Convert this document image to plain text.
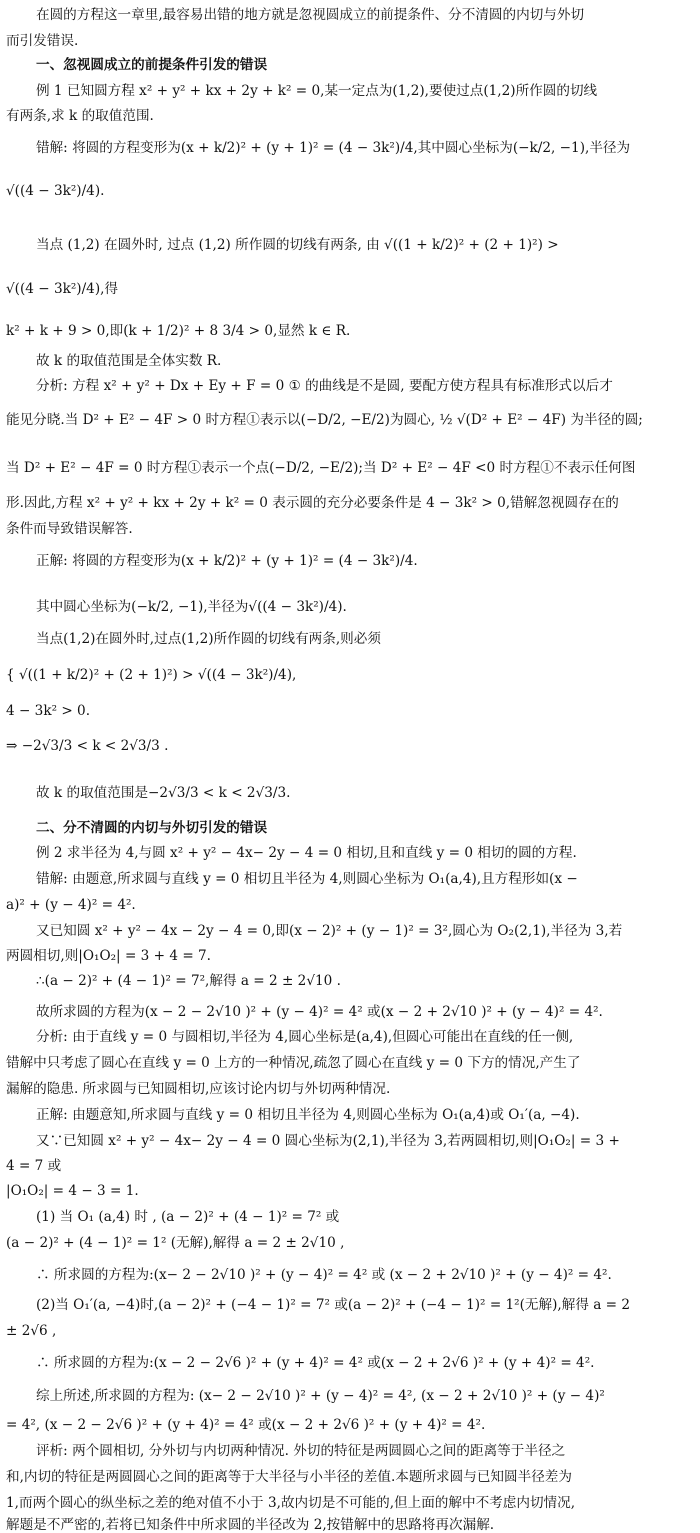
在圆的方程这一章里,最容易出错的地方就是忽视圆成立的前提条件、分不清圆的内切与外切
而引发错误.
一、忽视圆成立的前提条件引发的错误
例 1 已知圆方程 x² + y² + kx + 2y + k² = 0,某一定点为(1,2),要使过点(1,2)所作圆的切线
有两条,求 k 的取值范围.
错解: 将圆的方程变形为(x + k/2)² + (y + 1)² = (4 − 3k²)/4,其中圆心坐标为(−k/2, −1),半径为
√((4 − 3k²)/4).
当点 (1,2) 在圆外时, 过点 (1,2) 所作圆的切线有两条, 由 √((1 + k/2)² + (2 + 1)²) >
√((4 − 3k²)/4),得
k² + k + 9 > 0,即(k + 1/2)² + 8 3/4 > 0,显然 k ∈ R.
故 k 的取值范围是全体实数 R.
分析: 方程 x² + y² + Dx + Ey + F = 0 ① 的曲线是不是圆, 要配方使方程具有标准形式以后才
能见分晓.当 D² + E² − 4F > 0 时方程①表示以(−D/2, −E/2)为圆心, ½ √(D² + E² − 4F) 为半径的圆;
当 D² + E² − 4F = 0 时方程①表示一个点(−D/2, −E/2);当 D² + E² − 4F <0 时方程①不表示任何图
形.因此,方程 x² + y² + kx + 2y + k² = 0 表示圆的充分必要条件是 4 − 3k² > 0,错解忽视圆存在的
条件而导致错误解答.
正解: 将圆的方程变形为(x + k/2)² + (y + 1)² = (4 − 3k²)/4.
其中圆心坐标为(−k/2, −1),半径为√((4 − 3k²)/4).
当点(1,2)在圆外时,过点(1,2)所作圆的切线有两条,则必须
{ √((1 + k/2)² + (2 + 1)²) > √((4 − 3k²)/4),
4 − 3k² > 0.
⇒ −2√3/3 < k < 2√3/3 .
故 k 的取值范围是−2√3/3 < k < 2√3/3.
二、分不清圆的内切与外切引发的错误
例 2 求半径为 4,与圆 x² + y² − 4x− 2y − 4 = 0 相切,且和直线 y = 0 相切的圆的方程.
错解: 由题意,所求圆与直线 y = 0 相切且半径为 4,则圆心坐标为 O₁(a,4),且方程形如(x −
a)² + (y − 4)² = 4².
又已知圆 x² + y² − 4x − 2y − 4 = 0,即(x − 2)² + (y − 1)² = 3²,圆心为 O₂(2,1),半径为 3,若
两圆相切,则|O₁O₂| = 3 + 4 = 7.
∴(a − 2)² + (4 − 1)² = 7²,解得 a = 2 ± 2√10 .
故所求圆的方程为(x − 2 − 2√10 )² + (y − 4)² = 4² 或(x − 2 + 2√10 )² + (y − 4)² = 4².
分析: 由于直线 y = 0 与圆相切,半径为 4,圆心坐标是(a,4),但圆心可能出在直线的任一侧,
错解中只考虑了圆心在直线 y = 0 上方的一种情况,疏忽了圆心在直线 y = 0 下方的情况,产生了
漏解的隐患. 所求圆与已知圆相切,应该讨论内切与外切两种情况.
正解: 由题意知,所求圆与直线 y = 0 相切且半径为 4,则圆心坐标为 O₁(a,4)或 O₁′(a, −4).
又∵已知圆 x² + y² − 4x− 2y − 4 = 0 圆心坐标为(2,1),半径为 3,若两圆相切,则|O₁O₂| = 3 +
4 = 7 或
|O₁O₂| = 4 − 3 = 1.
(1) 当 O₁ (a,4) 时 , (a − 2)² + (4 − 1)² = 7² 或
(a − 2)² + (4 − 1)² = 1² (无解),解得 a = 2 ± 2√10 ,
∴ 所求圆的方程为:(x− 2 − 2√10 )² + (y − 4)² = 4² 或 (x − 2 + 2√10 )² + (y − 4)² = 4².
(2)当 O₁′(a, −4)时,(a − 2)² + (−4 − 1)² = 7² 或(a − 2)² + (−4 − 1)² = 1²(无解),解得 a = 2
± 2√6 ,
∴ 所求圆的方程为:(x − 2 − 2√6 )² + (y + 4)² = 4² 或(x − 2 + 2√6 )² + (y + 4)² = 4².
综上所述,所求圆的方程为: (x− 2 − 2√10 )² + (y − 4)² = 4², (x − 2 + 2√10 )² + (y − 4)²
= 4², (x − 2 − 2√6 )² + (y + 4)² = 4² 或(x − 2 + 2√6 )² + (y + 4)² = 4².
评析: 两个圆相切, 分外切与内切两种情况. 外切的特征是两圆圆心之间的距离等于半径之
和,内切的特征是两圆圆心之间的距离等于大半径与小半径的差值.本题所求圆与已知圆半径差为
1,而两个圆心的纵坐标之差的绝对值不小于 3,故内切是不可能的,但上面的解中不考虑内切情况,
解题是不严密的,若将已知条件中所求圆的半径改为 2,按错解中的思路将再次漏解.
